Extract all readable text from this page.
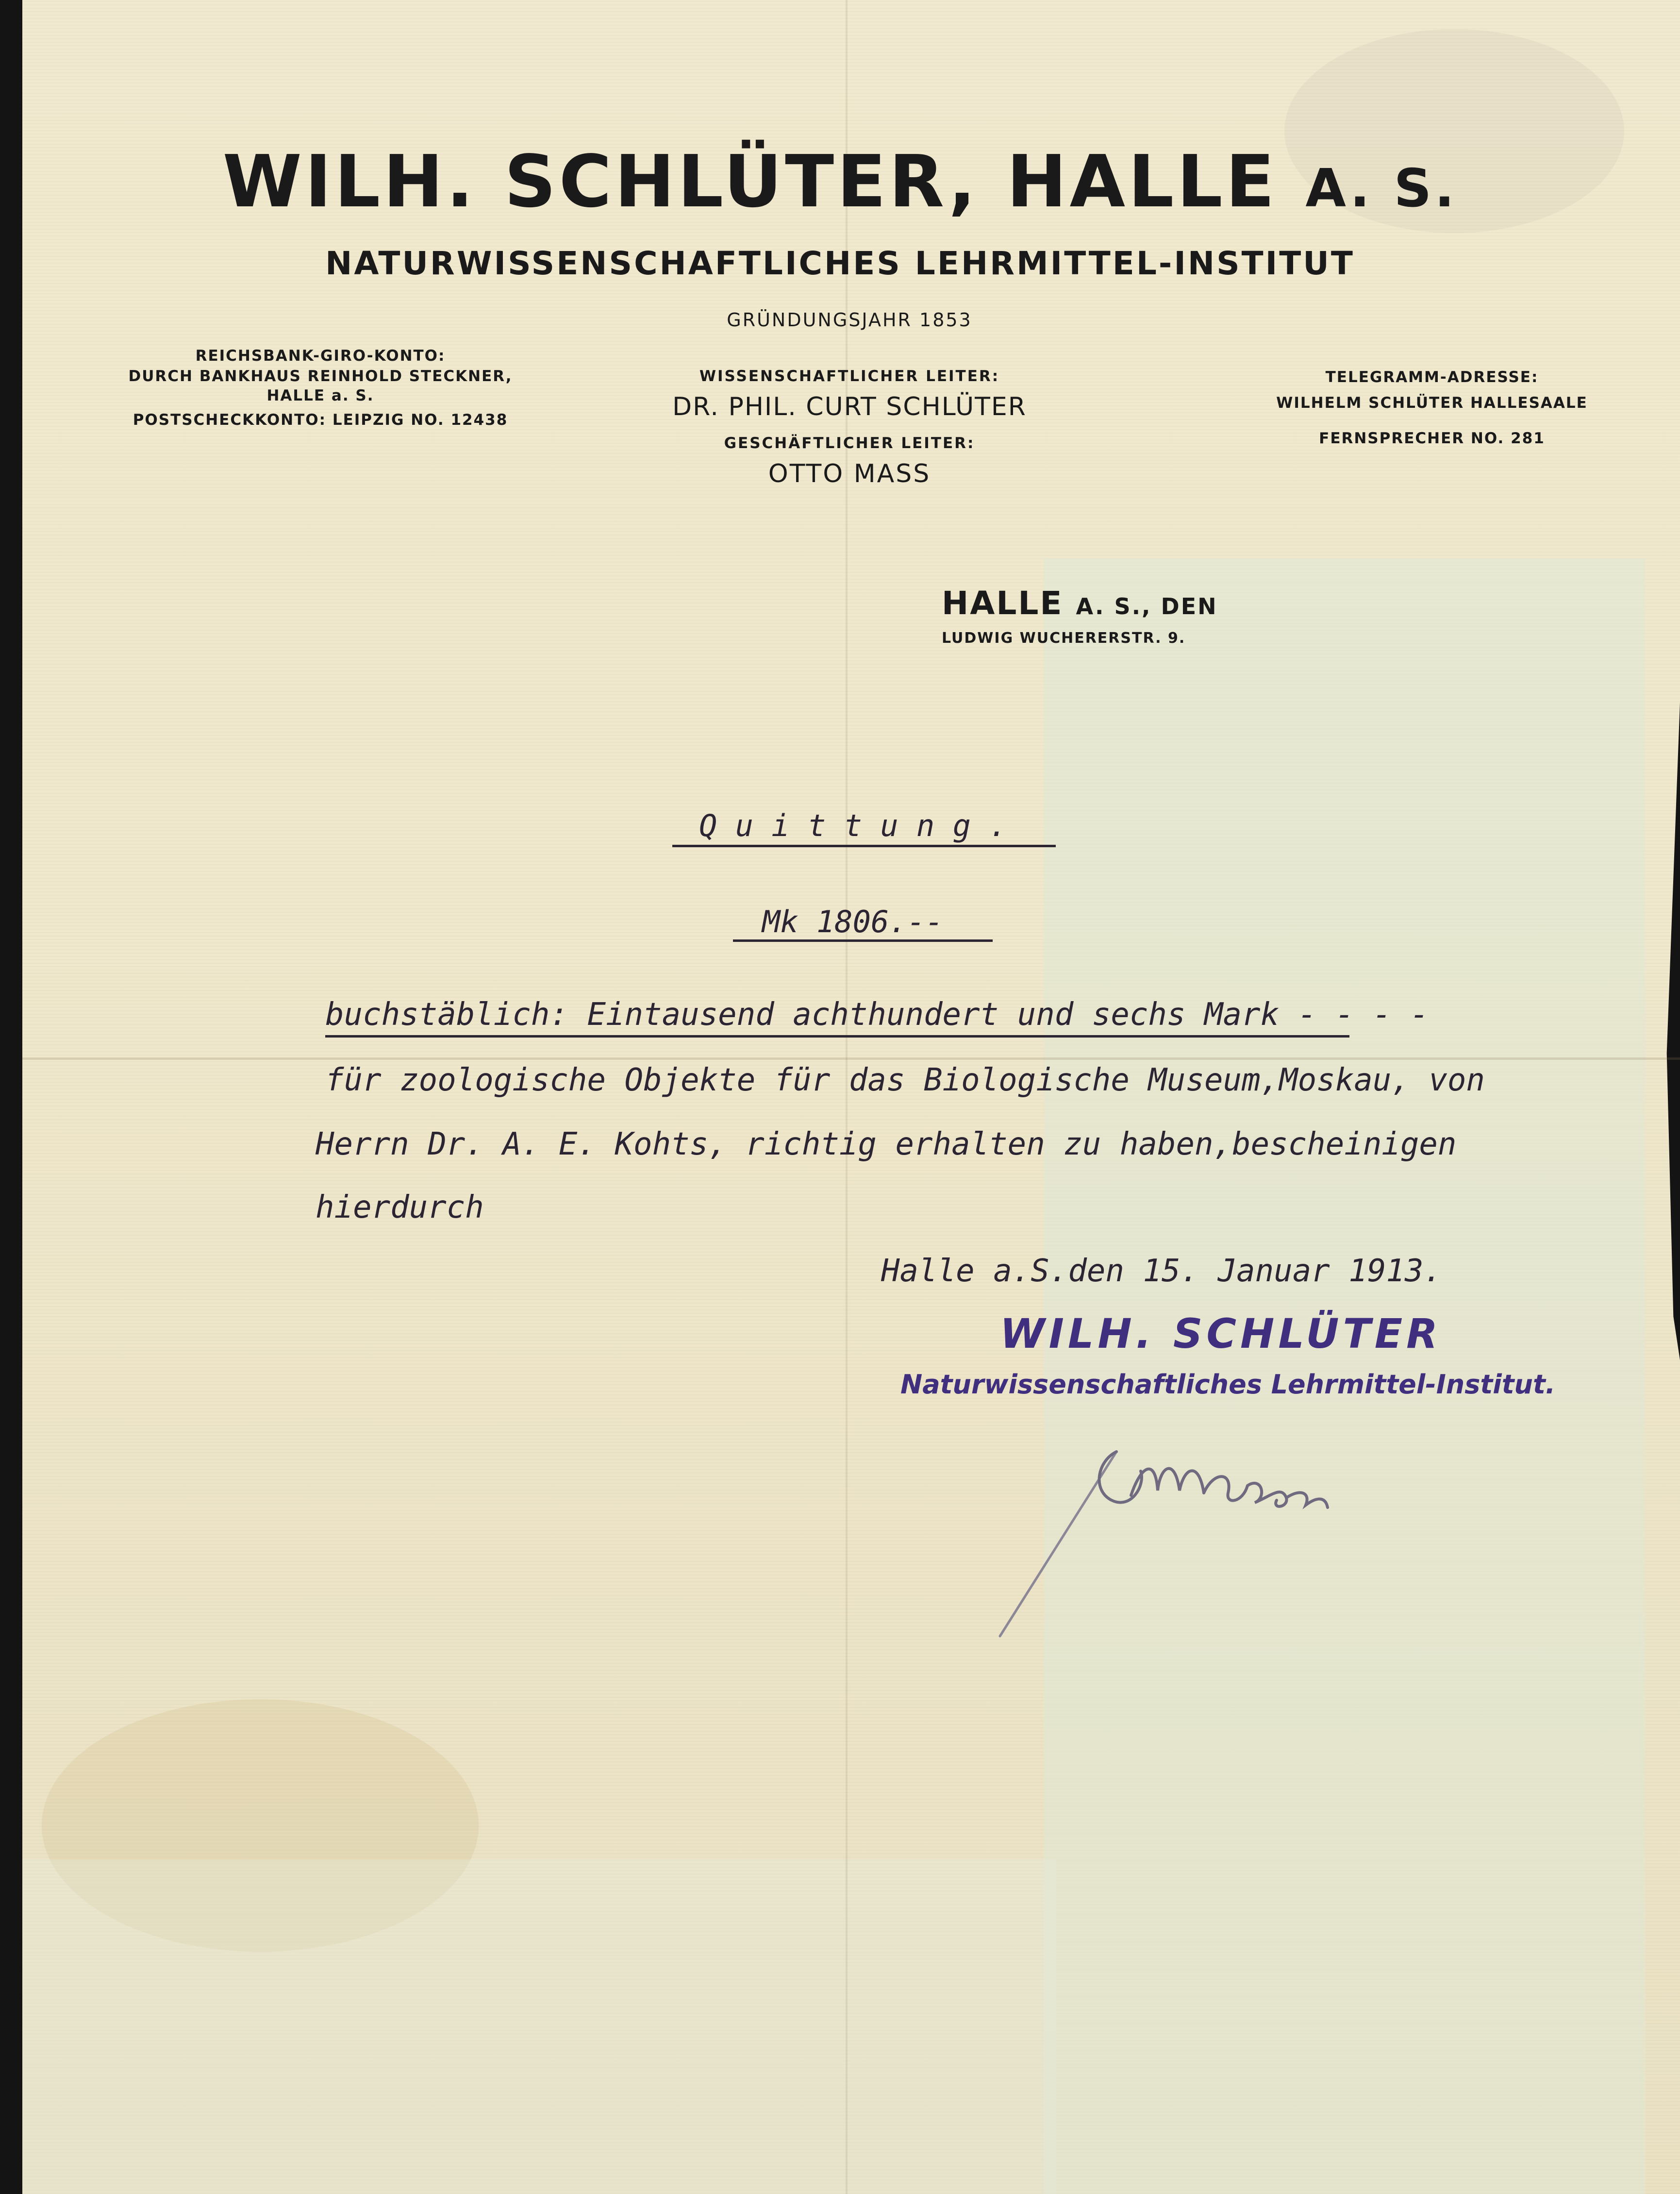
WILH. SCHLÜTER, HALLE A. S.
NATURWISSENSCHAFTLICHES LEHRMITTEL-INSTITUT
GRÜNDUNGSJAHR 1853
REICHSBANK-GIRO-KONTO:
DURCH BANKHAUS REINHOLD STECKNER,
HALLE a. S.
POSTSCHECKKONTO: LEIPZIG NO. 12438
WISSENSCHAFTLICHER LEITER:
DR. PHIL. CURT SCHLÜTER
GESCHÄFTLICHER LEITER:
OTTO MASS
TELEGRAMM-ADRESSE:
WILHELM SCHLÜTER HALLESAALE
FERNSPRECHER NO. 281
HALLE A. S., DEN
LUDWIG WUCHERERSTR. 9.
Q u i t t u n g .
Mk 1806.--
buchstäblich: Eintausend achthundert und sechs Mark - - - -
für zoologische Objekte für das Biologische Museum,Moskau, von
Herrn Dr. A. E. Kohts, richtig erhalten zu haben,bescheinigen
hierdurch
Halle a.S.den 15. Januar 1913.
WILH. SCHLÜTER
Naturwissenschaftliches Lehrmittel-Institut.
